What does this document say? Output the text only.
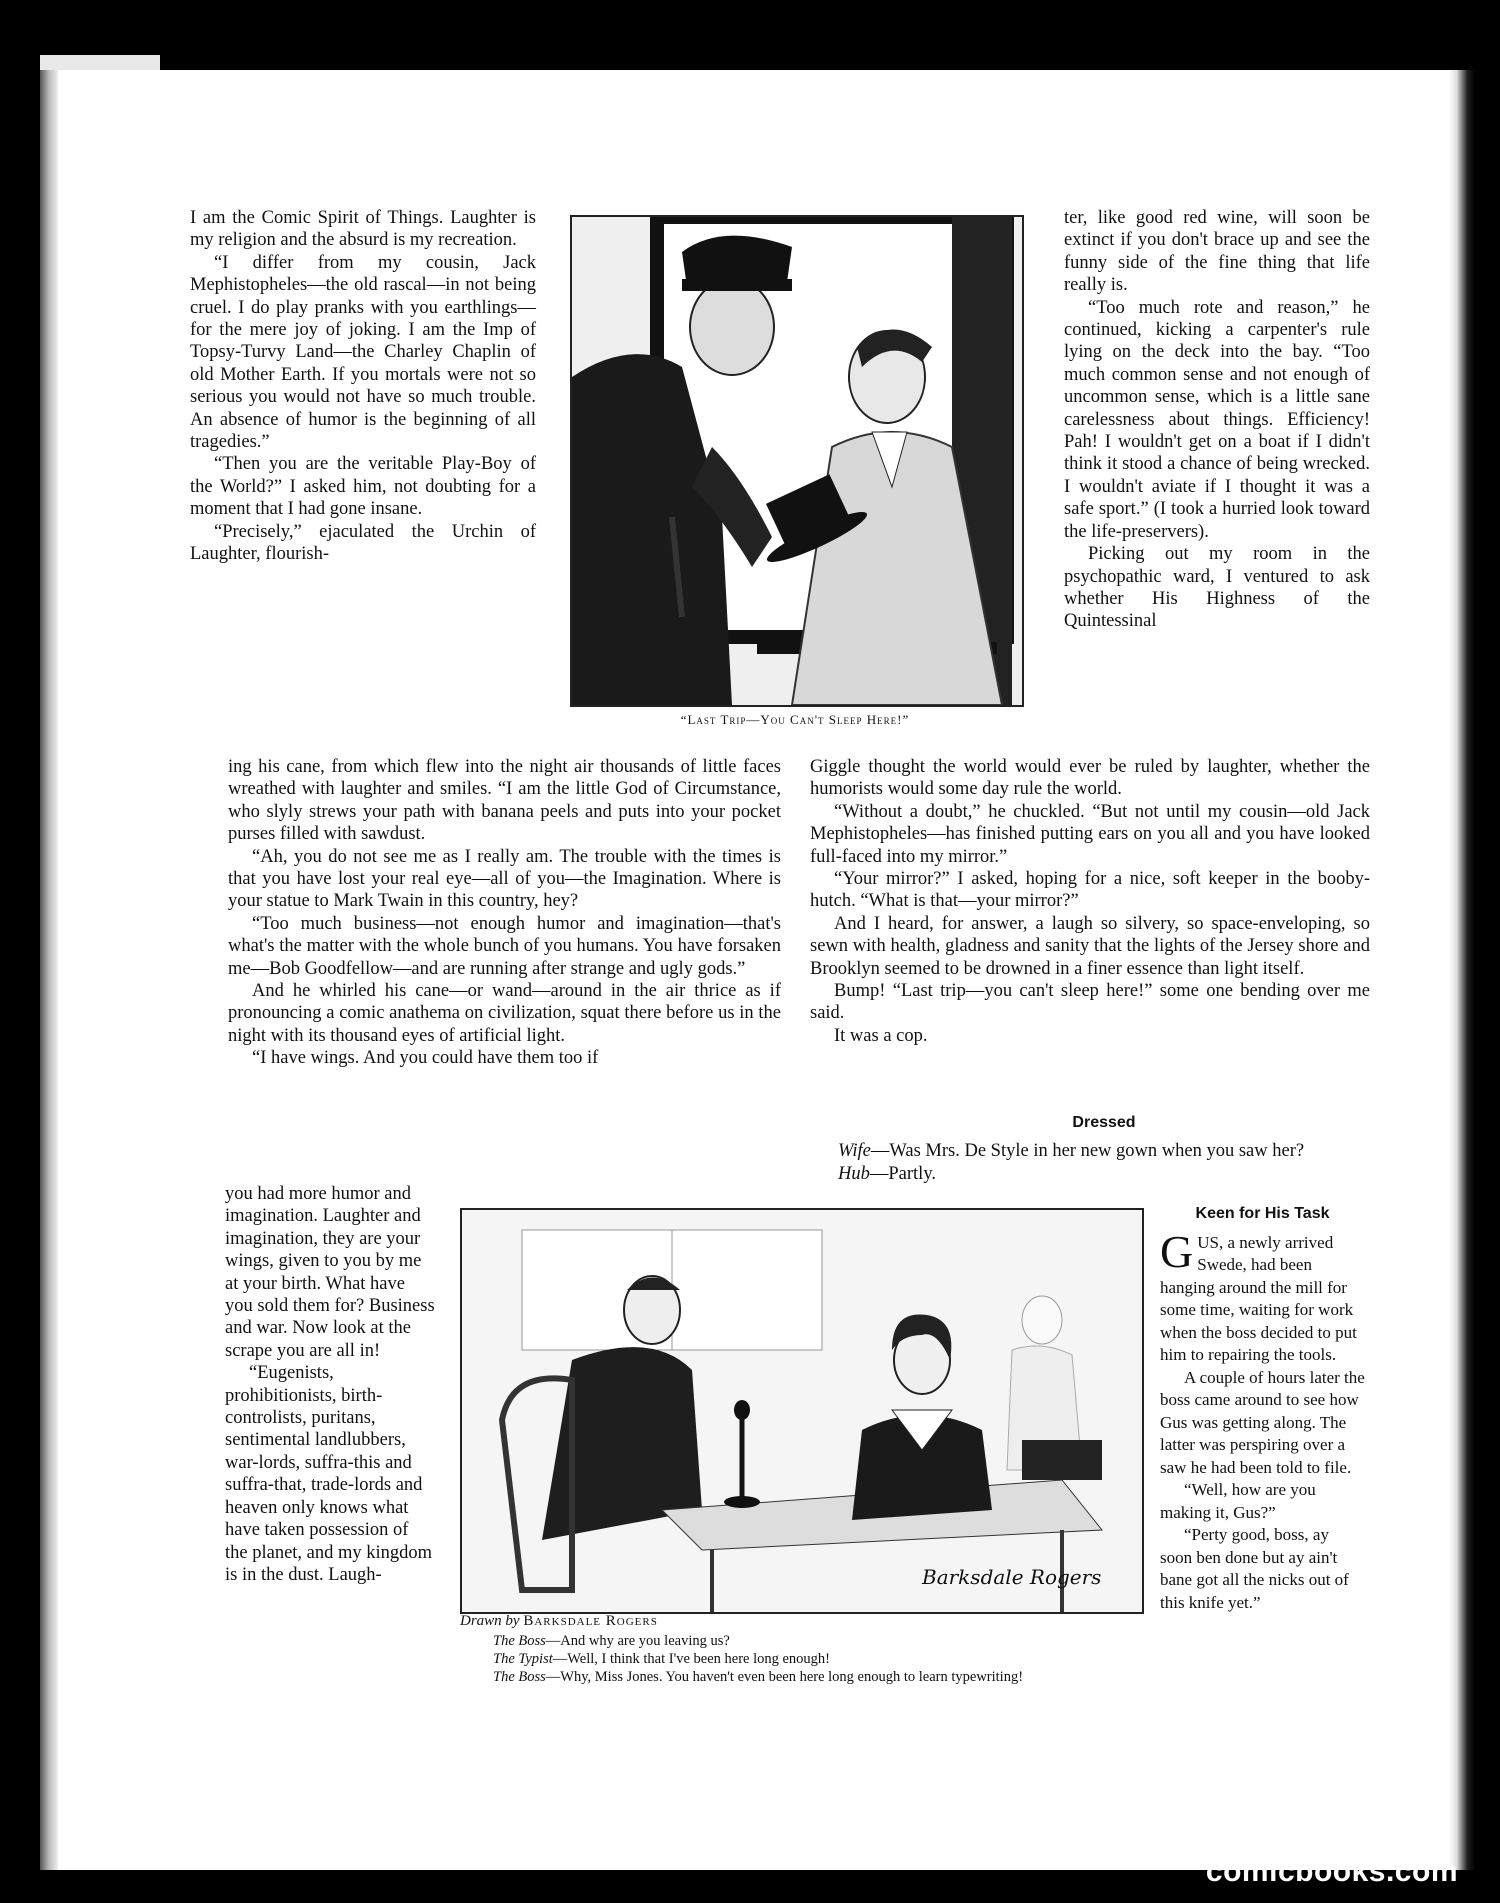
I am the Comic Spirit of Things. Laughter is my religion and the absurd is my recreation.

“I differ from my cousin, Jack Mephistopheles—the old rascal—in not being cruel. I do play pranks with you earthlings—for the mere joy of joking. I am the Imp of Topsy-Turvy Land—the Charley Chaplin of old Mother Earth. If you mortals were not so serious you would not have so much trouble. An absence of humor is the beginning of all tragedies.”

“Then you are the veritable Play-Boy of the World?” I asked him, not doubting for a moment that I had gone insane.

“Precisely,” ejaculated the Urchin of Laughter, flourish-

“Last Trip—You Can't Sleep Here!”

ter, like good red wine, will soon be extinct if you don't brace up and see the funny side of the fine thing that life really is.

“Too much rote and reason,” he continued, kicking a carpenter's rule lying on the deck into the bay. “Too much common sense and not enough of uncommon sense, which is a little sane carelessness about things. Efficiency! Pah! I wouldn't get on a boat if I didn't think it stood a chance of being wrecked. I wouldn't aviate if I thought it was a safe sport.” (I took a hurried look toward the life-preservers).

Picking out my room in the psychopathic ward, I ventured to ask whether His Highness of the Quintessinal

ing his cane, from which flew into the night air thousands of little faces wreathed with laughter and smiles. “I am the little God of Circumstance, who slyly strews your path with banana peels and puts into your pocket purses filled with sawdust.

“Ah, you do not see me as I really am. The trouble with the times is that you have lost your real eye—all of you—the Imagination. Where is your statue to Mark Twain in this country, hey?

“Too much business—not enough humor and imagination—that's what's the matter with the whole bunch of you humans. You have forsaken me—Bob Goodfellow—and are running after strange and ugly gods.”

And he whirled his cane—or wand—around in the air thrice as if pronouncing a comic anathema on civilization, squat there before us in the night with its thousand eyes of artificial light.

“I have wings. And you could have them too if

Giggle thought the world would ever be ruled by laughter, whether the humorists would some day rule the world.

“Without a doubt,” he chuckled. “But not until my cousin—old Jack Mephistopheles—has finished putting ears on you all and you have looked full-faced into my mirror.”

“Your mirror?” I asked, hoping for a nice, soft keeper in the booby-hutch. “What is that—your mirror?”

And I heard, for answer, a laugh so silvery, so space-enveloping, so sewn with health, gladness and sanity that the lights of the Jersey shore and Brooklyn seemed to be drowned in a finer essence than light itself.

Bump! “Last trip—you can't sleep here!” some one bending over me said.

It was a cop.

Dressed
Wife—Was Mrs. De Style in her new gown when you saw her?
Hub—Partly.

you had more humor and imagination. Laughter and imagination, they are your wings, given to you by me at your birth. What have you sold them for? Business and war. Now look at the scrape you are all in!

“Eugenists, prohibitionists, birth-controlists, puritans, sentimental landlubbers, war-lords, suffra-this and suffra-that, trade-lords and heaven only knows what have taken possession of the planet, and my kingdom is in the dust. Laugh-	Barksdale Rogers
Drawn by Barksdale Rogers
The Boss—And why are you leaving us?
The Typist—Well, I think that I've been here long enough!
The Boss—Why, Miss Jones. You haven't even been here long enough to learn typewriting!
Keen for His Task

GUS, a newly arrived Swede, had been hanging around the mill for some time, waiting for work when the boss decided to put him to repairing the tools.

A couple of hours later the boss came around to see how Gus was getting along. The latter was perspiring over a saw he had been told to file.

“Well, how are you making it, Gus?”

“Perty good, boss, ay soon ben done but ay ain't bane got all the nicks out of this knife yet.”

comicbooks.com
